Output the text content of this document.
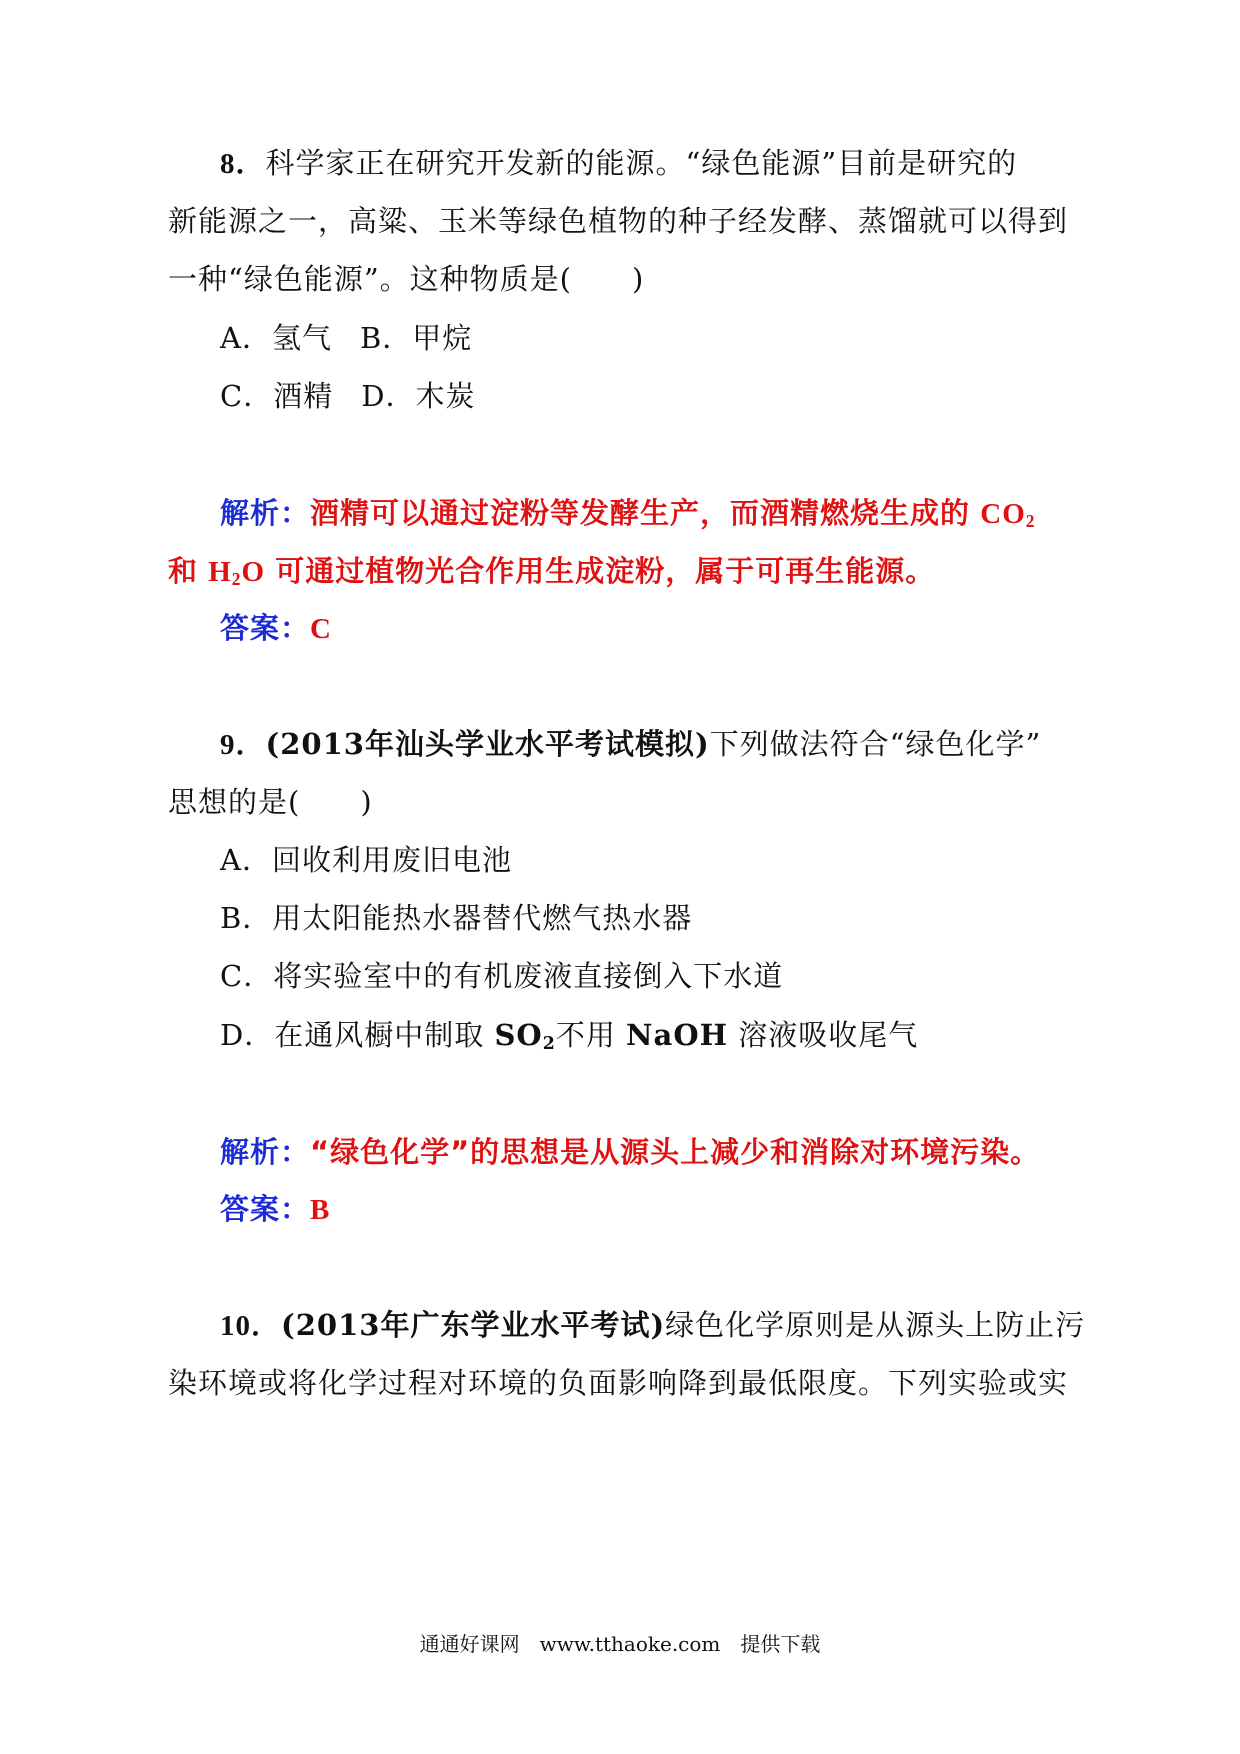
8．科学家正在研究开发新的能源。“绿色能源”目前是研究的
新能源之一，高粱、玉米等绿色植物的种子经发酵、蒸馏就可以得到
一种“绿色能源”。这种物质是(　　)
A．氢气 B．甲烷
C．酒精 D．木炭
解析：酒精可以通过淀粉等发酵生产，而酒精燃烧生成的 $CO_2$
和 $H_2O$ 可通过植物光合作用生成淀粉，属于可再生能源。
答案：C
9．(2013年汕头学业水平考试模拟)下列做法符合“绿色化学”
思想的是(　　)
A．回收利用废旧电池
B．用太阳能热水器替代燃气热水器
C．将实验室中的有机废液直接倒入下水道
D．在通风橱中制取 $SO_2$不用 NaOH 溶液吸收尾气
解析：“绿色化学”的思想是从源头上减少和消除对环境污染。
答案：B
10．(2013年广东学业水平考试)绿色化学原则是从源头上防止污
染环境或将化学过程对环境的负面影响降到最低限度。下列实验或实
通通好课网　www.tthaoke.com　提供下载
